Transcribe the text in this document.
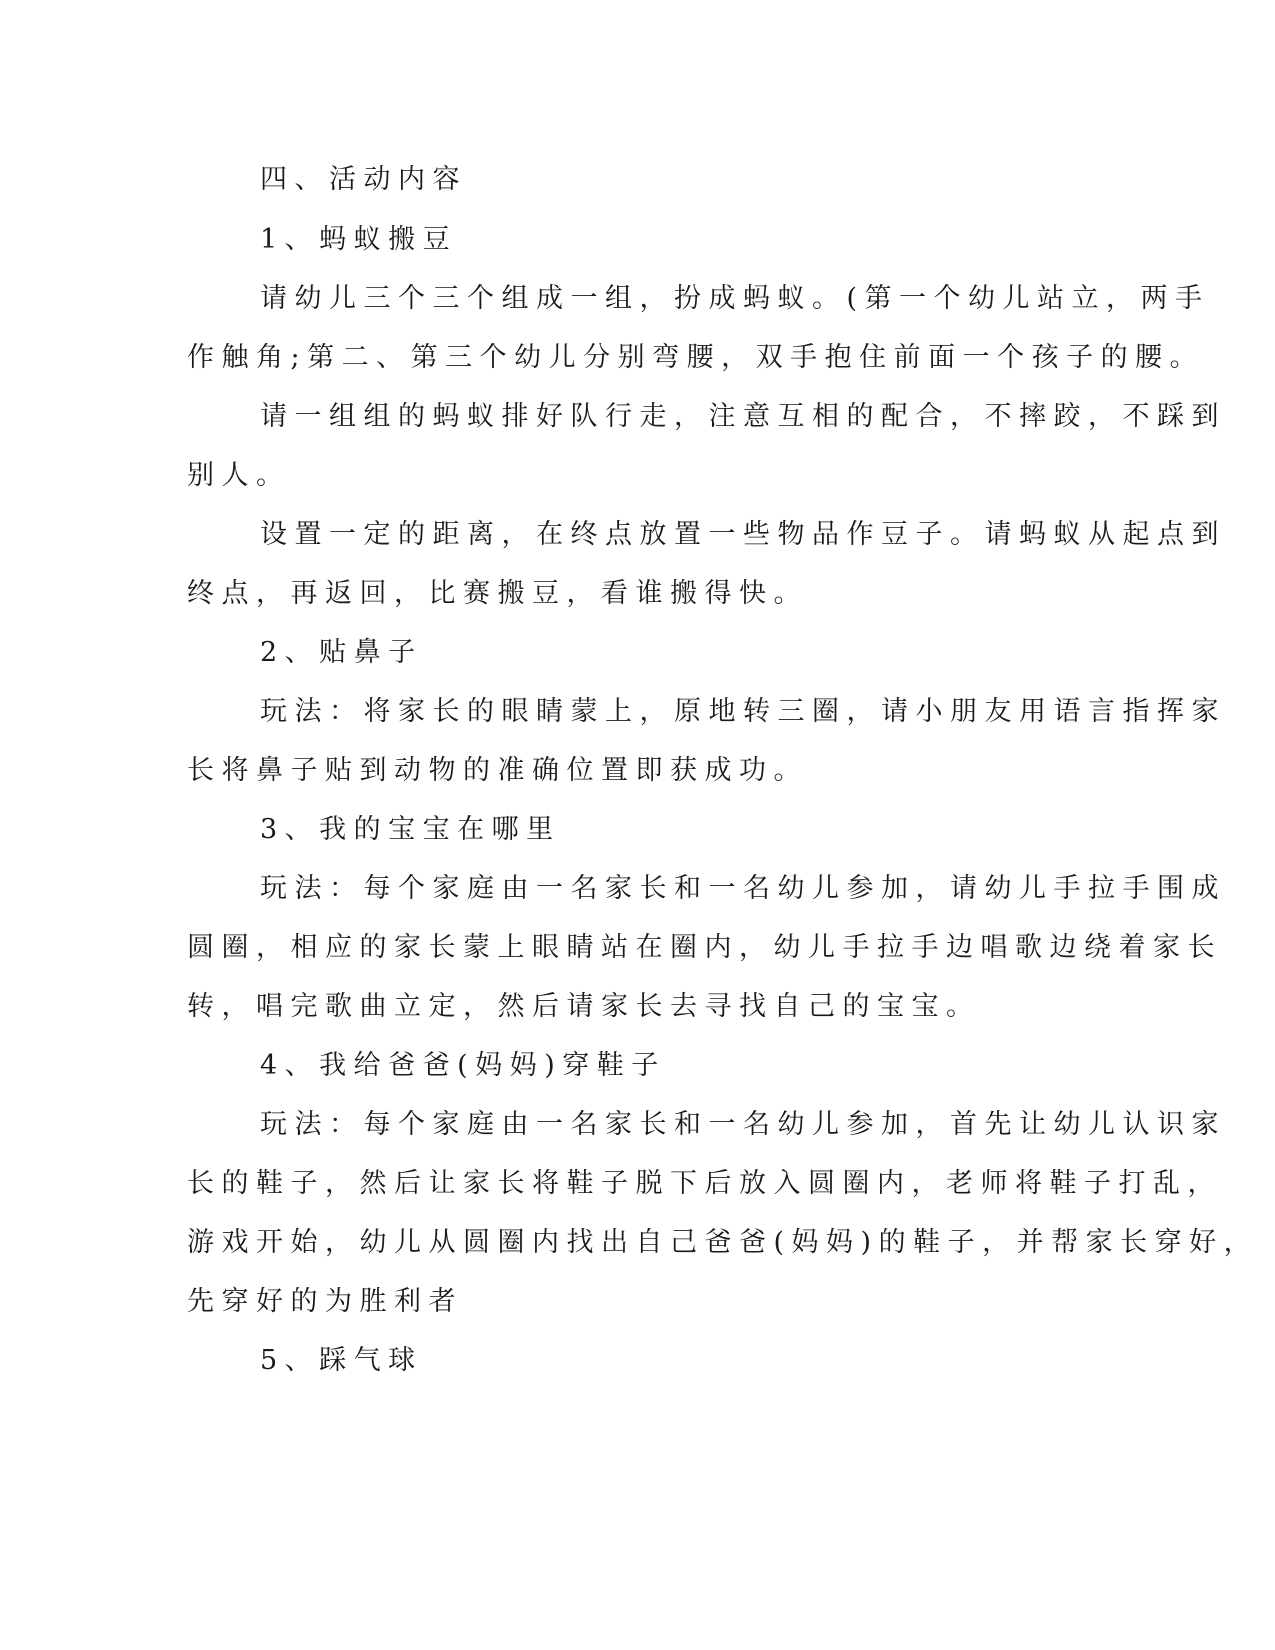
四、活动内容

1、蚂蚁搬豆

请幼儿三个三个组成一组，扮成蚂蚁。(第一个幼儿站立，两手

作触角;第二、第三个幼儿分别弯腰，双手抱住前面一个孩子的腰。

请一组组的蚂蚁排好队行走，注意互相的配合，不摔跤，不踩到

别人。

设置一定的距离，在终点放置一些物品作豆子。请蚂蚁从起点到

终点，再返回，比赛搬豆，看谁搬得快。

2、贴鼻子

玩法：将家长的眼睛蒙上，原地转三圈，请小朋友用语言指挥家

长将鼻子贴到动物的准确位置即获成功。

3、我的宝宝在哪里

玩法：每个家庭由一名家长和一名幼儿参加，请幼儿手拉手围成

圆圈，相应的家长蒙上眼睛站在圈内，幼儿手拉手边唱歌边绕着家长

转，唱完歌曲立定，然后请家长去寻找自己的宝宝。

4、我给爸爸(妈妈)穿鞋子

玩法：每个家庭由一名家长和一名幼儿参加，首先让幼儿认识家

长的鞋子，然后让家长将鞋子脱下后放入圆圈内，老师将鞋子打乱，

游戏开始，幼儿从圆圈内找出自己爸爸(妈妈)的鞋子，并帮家长穿好，

先穿好的为胜利者

5、踩气球
